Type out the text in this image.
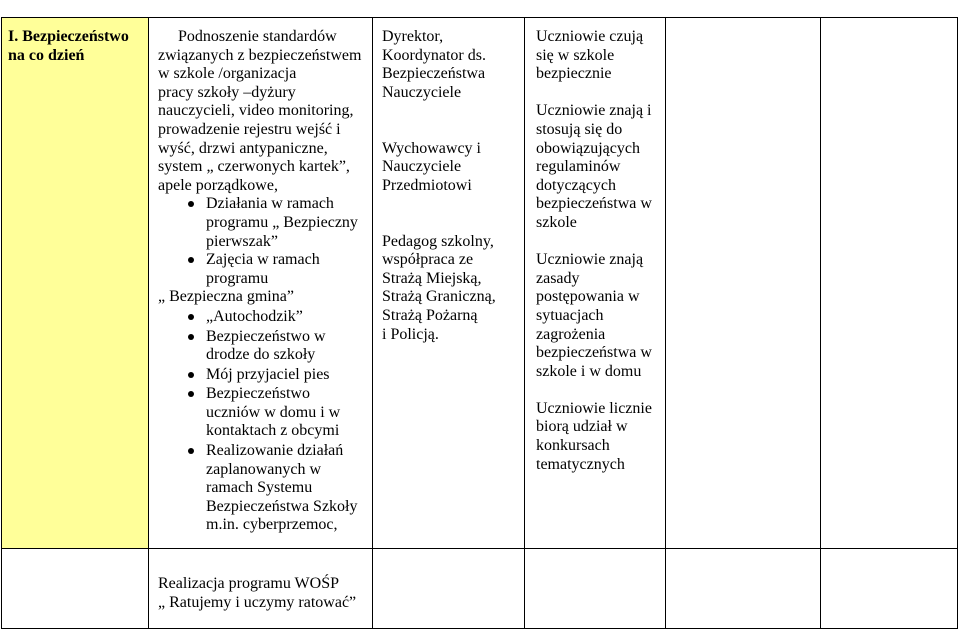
I. Bezpieczeństwo
na co dzień
Podnoszenie standardów
związanych z bezpieczeństwem
w szkole /organizacja
pracy szkoły –dyżury
nauczycieli, video monitoring,
prowadzenie rejestru wejść i
wyść, drzwi antypaniczne,
system „ czerwonych kartek”,
apele porządkowe,
Działania w ramach
programu „ Bezpieczny
pierwszak”
Zajęcia w ramach
programu
„ Bezpieczna gmina”
„Autochodzik”
Bezpieczeństwo w
drodze do szkoły
Mój przyjaciel pies
Bezpieczeństwo
uczniów w domu i w
kontaktach z obcymi
Realizowanie działań
zaplanowanych w
ramach Systemu
Bezpieczeństwa Szkoły
m.in. cyberprzemoc,
Dyrektor,
Koordynator ds.
Bezpieczeństwa
Nauczyciele
Wychowawcy i
Nauczyciele
Przedmiotowi
Pedagog szkolny,
współpraca ze
Strażą Miejską,
Strażą Graniczną,
Strażą Pożarną
i Policją.
Uczniowie czują
się w szkole
bezpiecznie
Uczniowie znają i
stosują się do
obowiązujących
regulaminów
dotyczących
bezpieczeństwa w
szkole
Uczniowie znają
zasady
postępowania w
sytuacjach
zagrożenia
bezpieczeństwa w
szkole i w domu
Uczniowie licznie
biorą udział w
konkursach
tematycznych
Realizacja programu WOŚP
„ Ratujemy i uczymy ratować”
